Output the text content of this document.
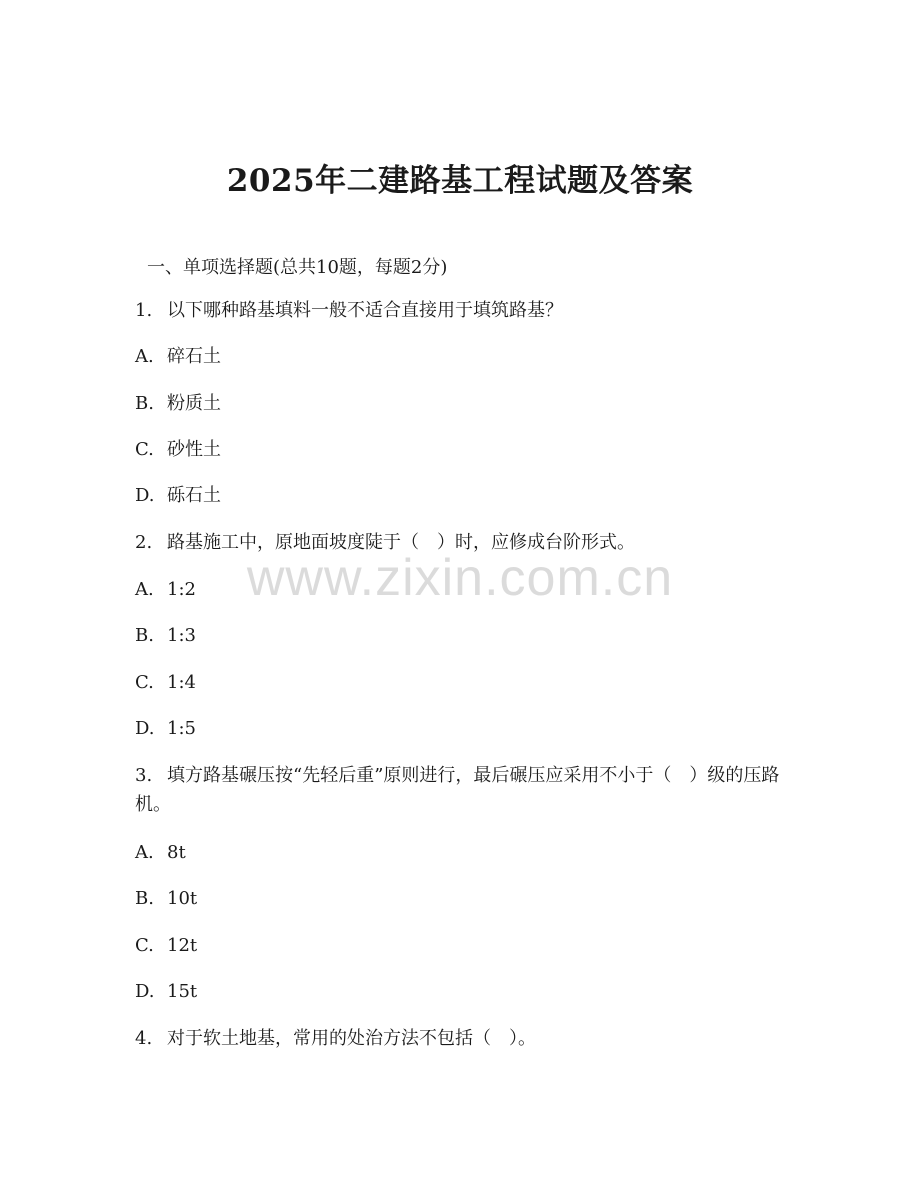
2025年二建路基工程试题及答案

一、单项选择题(总共10题，每题2分)

1. 以下哪种路基填料一般不适合直接用于填筑路基？

A. 碎石土

B. 粉质土

C. 砂性土

D. 砾石土

2. 路基施工中，原地面坡度陡于（　）时，应修成台阶形式。

A. 1:2

B. 1:3

C. 1:4

D. 1:5

3. 填方路基碾压按“先轻后重”原则进行，最后碾压应采用不小于（　）级的压路机。

A. 8t

B. 10t

C. 12t

D. 15t

4. 对于软土地基，常用的处治方法不包括（　）。

www.zixin.com.cn
